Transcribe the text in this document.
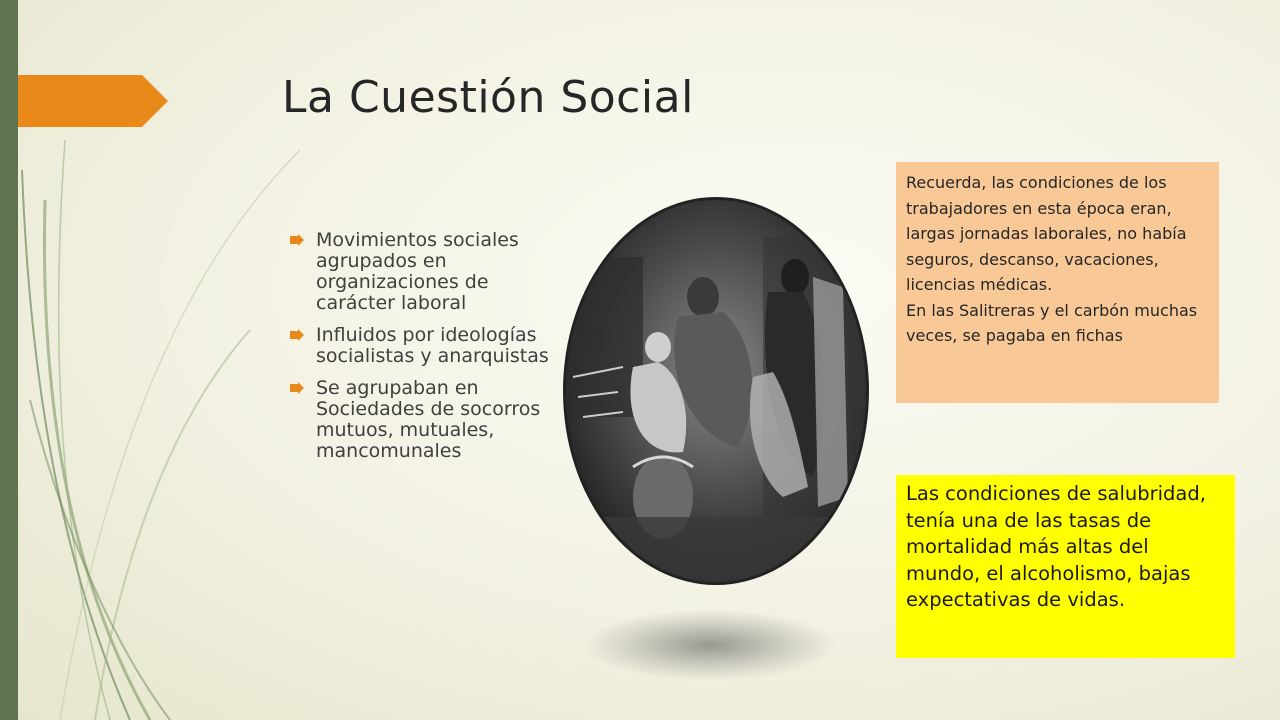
La Cuestión Social
Movimientos sociales agrupados en organizaciones de carácter laboral
Influidos por ideologías socialistas y anarquistas
Se agrupaban en Sociedades de socorros mutuos, mutuales, mancomunales

Recuerda, las condiciones de los trabajadores en esta época eran, largas jornadas laborales, no había seguros, descanso, vacaciones, licencias médicas.

En las Salitreras y el carbón muchas veces, se pagaba en fichas

Las condiciones de salubridad, tenía una de las tasas de mortalidad más altas del mundo, el alcoholismo, bajas expectativas de vidas.
